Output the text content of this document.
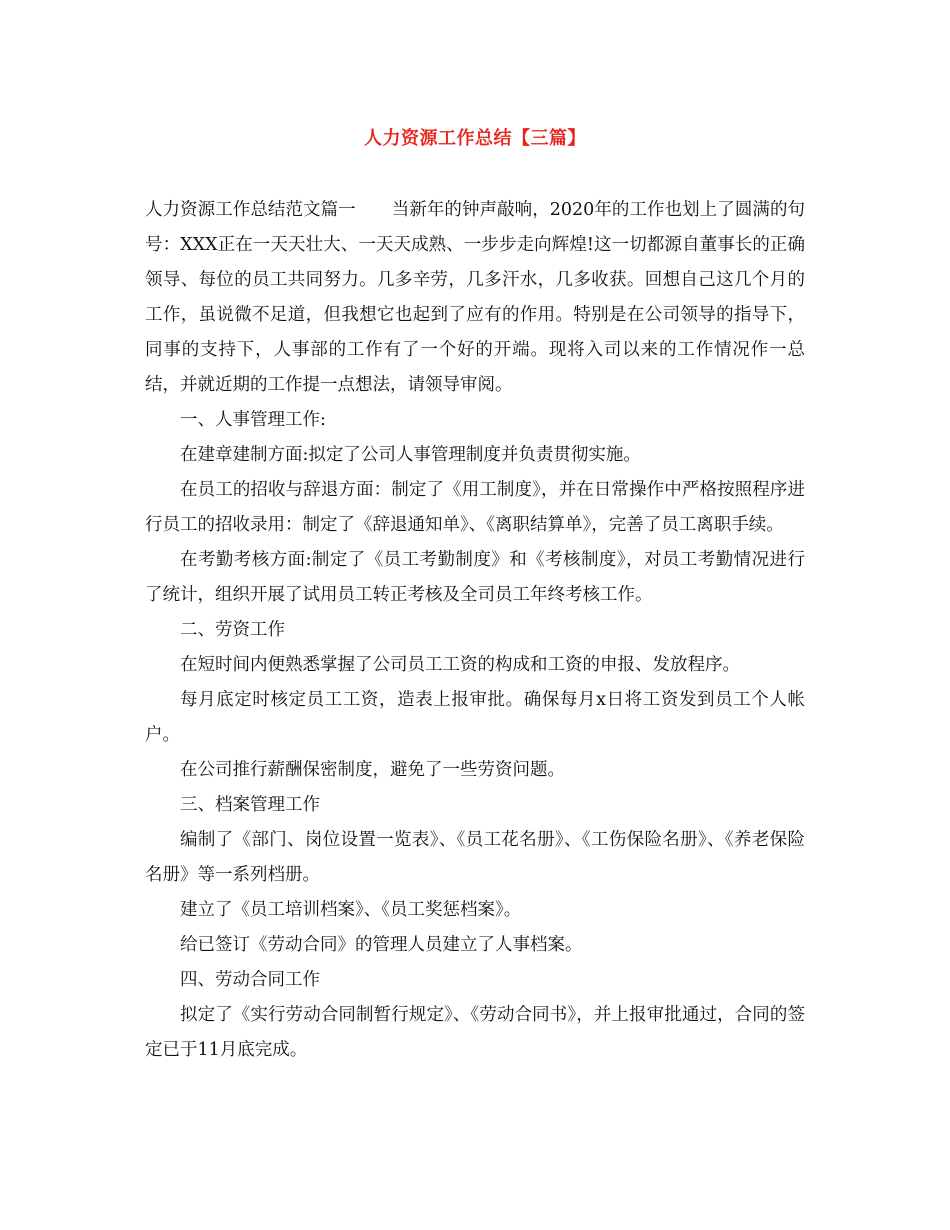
人力资源工作总结【三篇】

人力资源工作总结范文篇一 当新年的钟声敲响，2020年的工作也划上了圆满的句号：XXX正在一天天壮大、一天天成熟、一步步走向辉煌!这一切都源自董事长的正确领导、每位的员工共同努力。几多辛劳，几多汗水，几多收获。回想自己这几个月的工作，虽说微不足道，但我想它也起到了应有的作用。特别是在公司领导的指导下，同事的支持下，人事部的工作有了一个好的开端。现将入司以来的工作情况作一总结，并就近期的工作提一点想法，请领导审阅。

一、人事管理工作:

在建章建制方面:拟定了公司人事管理制度并负责贯彻实施。

在员工的招收与辞退方面：制定了《用工制度》，并在日常操作中严格按照程序进行员工的招收录用：制定了《辞退通知单》、《离职结算单》，完善了员工离职手续。

在考勤考核方面:制定了《员工考勤制度》和《考核制度》，对员工考勤情况进行了统计，组织开展了试用员工转正考核及全司员工年终考核工作。

二、劳资工作

在短时间内便熟悉掌握了公司员工工资的构成和工资的申报、发放程序。

每月底定时核定员工工资，造表上报审批。确保每月x日将工资发到员工个人帐户。

在公司推行薪酬保密制度，避免了一些劳资问题。

三、档案管理工作

编制了《部门、岗位设置一览表》、《员工花名册》、《工伤保险名册》、《养老保险名册》等一系列档册。

建立了《员工培训档案》、《员工奖惩档案》。

给已签订《劳动合同》的管理人员建立了人事档案。

四、劳动合同工作

拟定了《实行劳动合同制暂行规定》、《劳动合同书》，并上报审批通过，合同的签定已于11月底完成。
